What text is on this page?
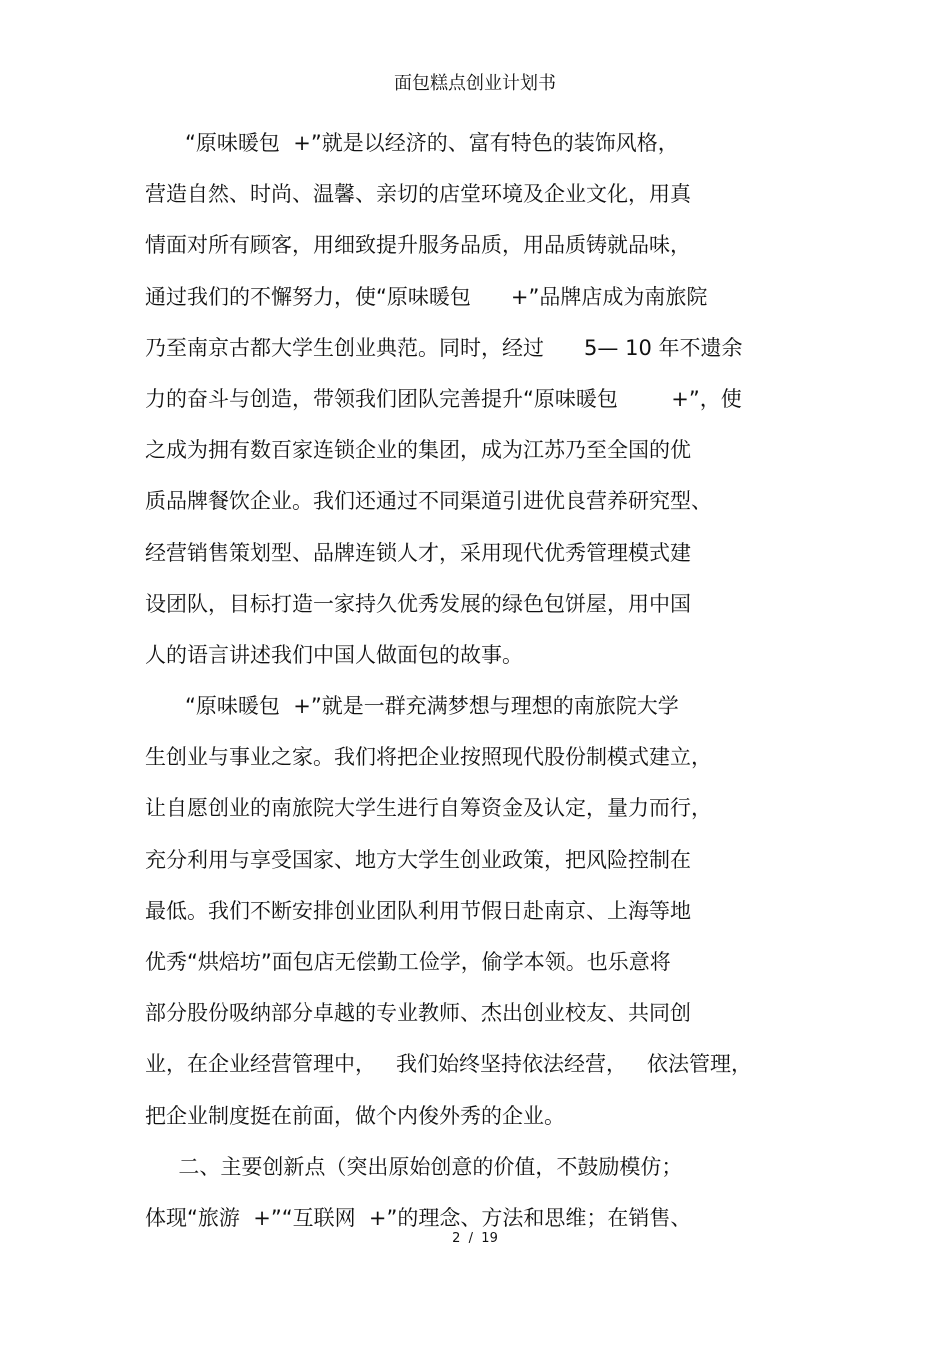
面包糕点创业计划书
“原味暖包  +”就是以经济的、富有特色的装饰风格，
营造自然、时尚、温馨、亲切的店堂环境及企业文化，用真
情面对所有顾客，用细致提升服务品质，用品质铸就品味，
通过我们的不懈努力，使“原味暖包      +”品牌店成为南旅院
乃至南京古都大学生创业典范。同时，经过      5— 10 年不遗余
力的奋斗与创造，带领我们团队完善提升“原味暖包        +”，使
之成为拥有数百家连锁企业的集团，成为江苏乃至全国的优
质品牌餐饮企业。我们还通过不同渠道引进优良营养研究型、
经营销售策划型、品牌连锁人才，采用现代优秀管理模式建
设团队，目标打造一家持久优秀发展的绿色包饼屋，用中国
人的语言讲述我们中国人做面包的故事。
“原味暖包  +”就是一群充满梦想与理想的南旅院大学
生创业与事业之家。我们将把企业按照现代股份制模式建立，
让自愿创业的南旅院大学生进行自筹资金及认定，量力而行，
充分利用与享受国家、地方大学生创业政策，把风险控制在
最低。我们不断安排创业团队利用节假日赴南京、上海等地
优秀“烘焙坊”面包店无偿勤工俭学，偷学本领。也乐意将
部分股份吸纳部分卓越的专业教师、杰出创业校友、共同创
业，在企业经营管理中，   我们始终坚持依法经营，   依法管理，
把企业制度挺在前面，做个内俊外秀的企业。
二、主要创新点（突出原始创意的价值，不鼓励模仿；
体现“旅游  +”“互联网  +”的理念、方法和思维；在销售、
2  /  19
